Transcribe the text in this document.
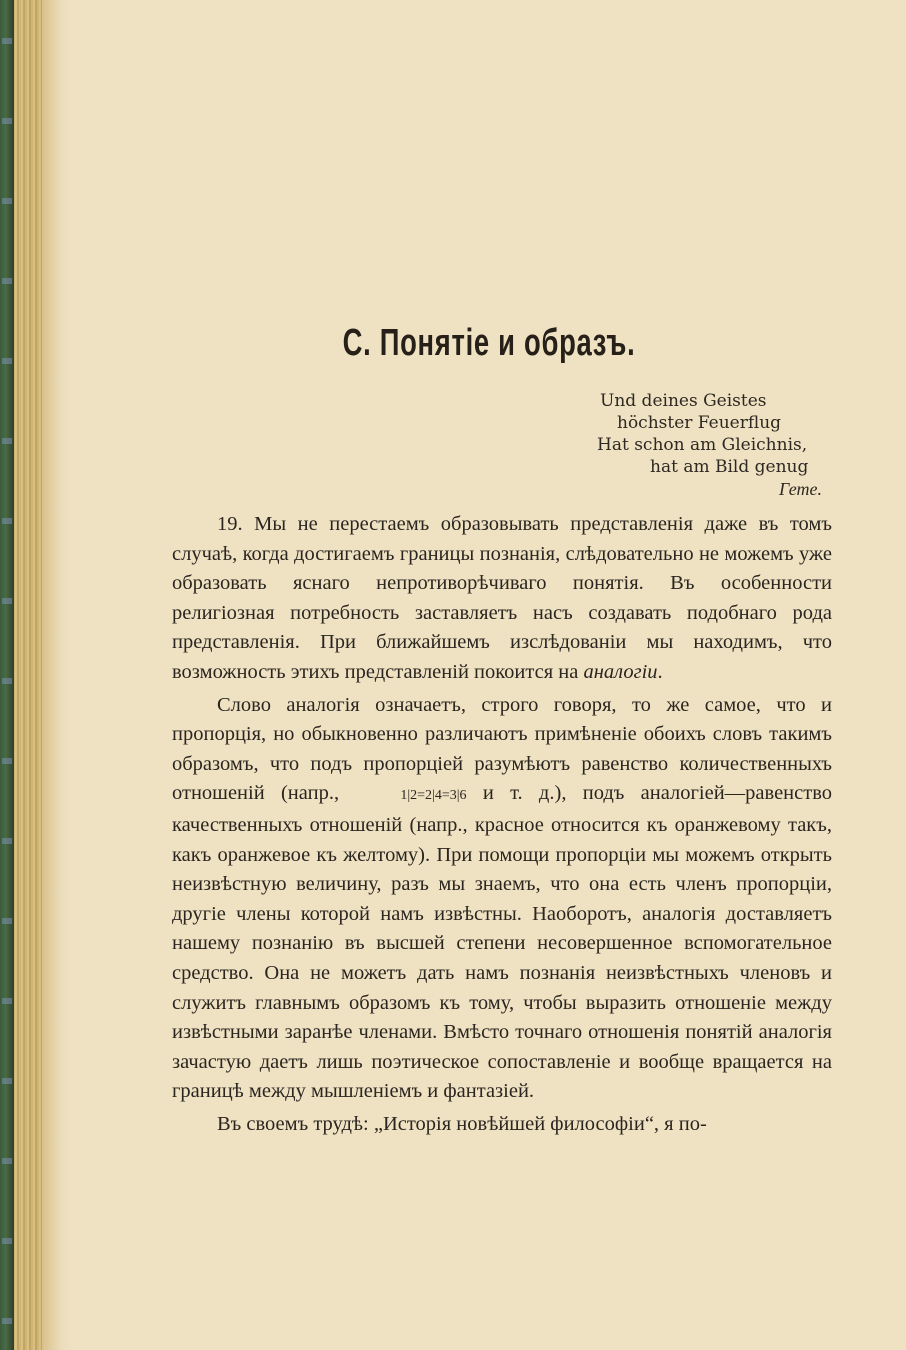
C. Понятіе и образъ.
Und deines Geistes
höchster Feuerflug
Hat schon am Gleichnis,
hat am Bild genug
Гете.

19. Мы не перестаемъ образовывать представленія даже въ томъ случаѣ, когда достигаемъ границы познанія, слѣдовательно не можемъ уже образовать яснаго непротиворѣчиваго понятія. Въ особенности религіозная потребность заставляетъ насъ создавать подобнаго рода представленія. При ближайшемъ изслѣдованіи мы находимъ, что возможность этихъ представленій покоится на аналогіи.

Слово аналогія означаетъ, строго говоря, то же самое, что и пропорція, но обыкновенно различаютъ примѣненіе обоихъ словъ такимъ образомъ, что подъ пропорціей разумѣютъ равенство количественныхъ отношеній (напр.,	1|2=2|4=3|6 и т. д.), подъ аналогіей—равенство качественныхъ отношеній (напр., красное относится къ оранжевому такъ, какъ оранжевое къ желтому). При помощи пропорціи мы можемъ открыть неизвѣстную величину, разъ мы знаемъ, что она есть членъ пропорціи, другіе члены которой намъ извѣстны. Наоборотъ, аналогія доставляетъ нашему познанію въ высшей степени несовершенное вспомогательное средство. Она не можетъ дать намъ познанія неизвѣстныхъ членовъ и служитъ главнымъ образомъ къ тому, чтобы выразить отношеніе между извѣстными заранѣе членами. Вмѣсто точнаго отношенія понятій аналогія зачастую даетъ лишь поэтическое сопоставленіе и вообще вращается на границѣ между мышленіемъ и фантазіей.

Въ своемъ трудѣ: „Исторія новѣйшей философіи“, я по-
